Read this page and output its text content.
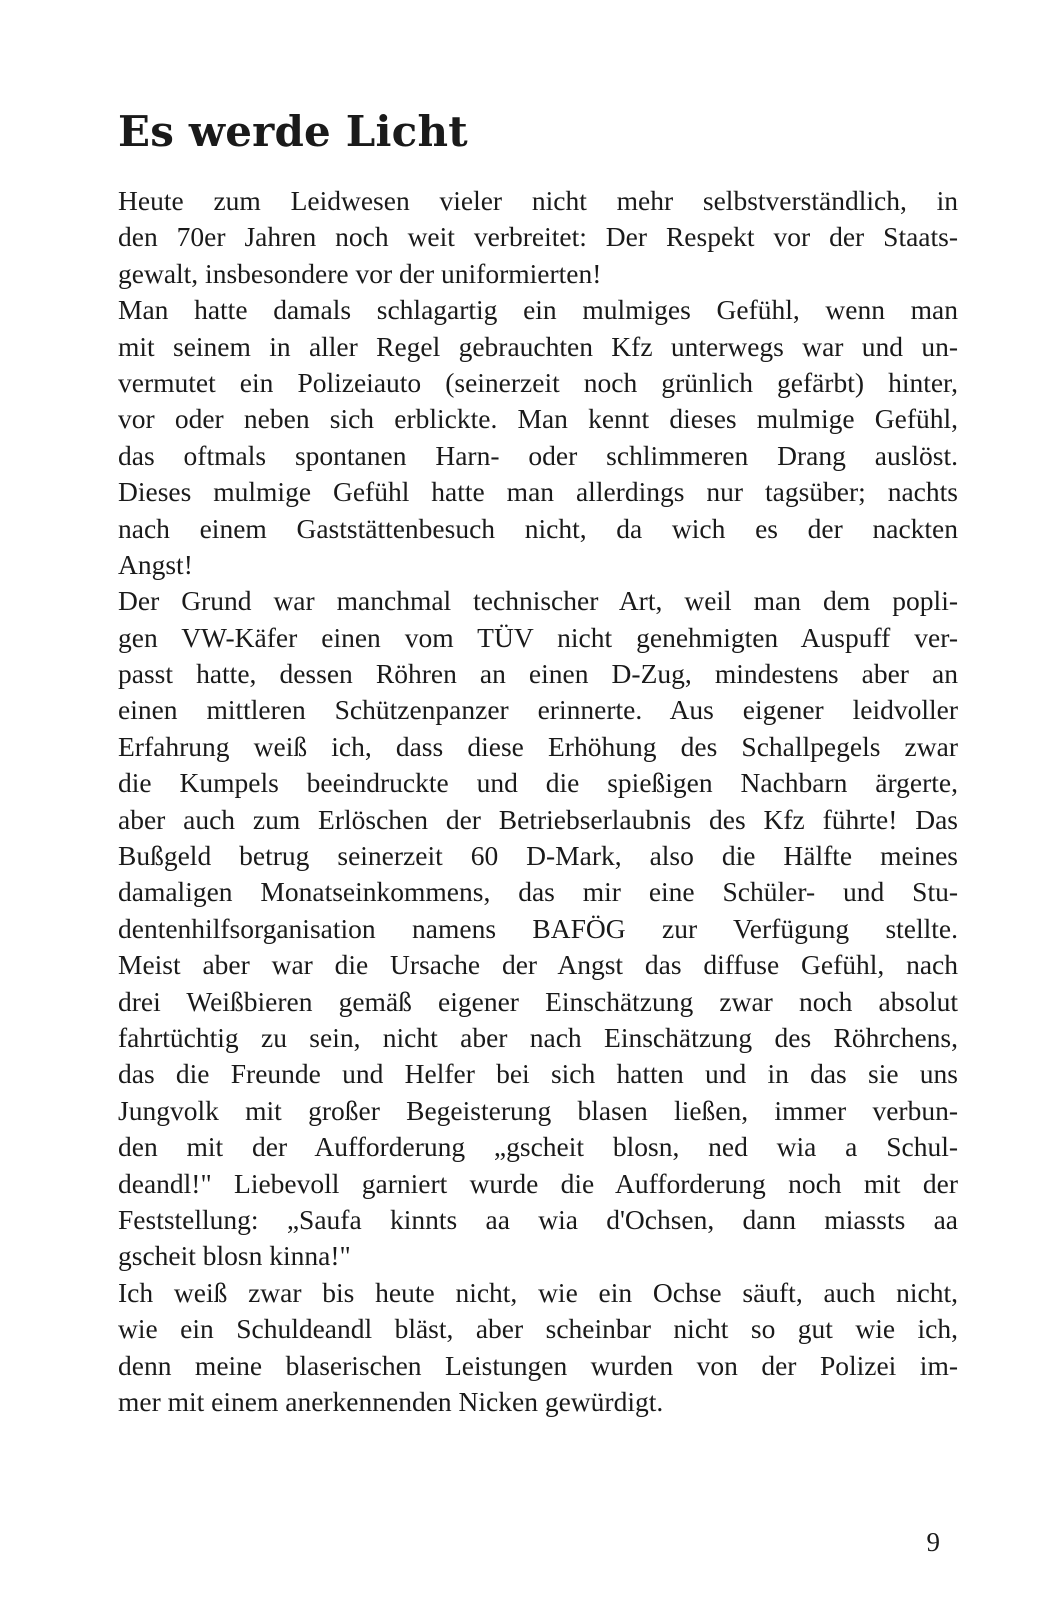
Es werde Licht
Heute zum Leidwesen vieler nicht mehr selbstverständlich, in
den 70er Jahren noch weit verbreitet: Der Respekt vor der Staats-
gewalt, insbesondere vor der uniformierten!
Man hatte damals schlagartig ein mulmiges Gefühl, wenn man
mit seinem in aller Regel gebrauchten Kfz unterwegs war und un-
vermutet ein Polizeiauto (seinerzeit noch grünlich gefärbt) hinter,
vor oder neben sich erblickte. Man kennt dieses mulmige Gefühl,
das oftmals spontanen Harn- oder schlimmeren Drang auslöst.
Dieses mulmige Gefühl hatte man allerdings nur tagsüber; nachts
nach einem Gaststättenbesuch nicht, da wich es der nackten
Angst!
Der Grund war manchmal technischer Art, weil man dem popli-
gen VW-Käfer einen vom TÜV nicht genehmigten Auspuff ver-
passt hatte, dessen Röhren an einen D-Zug, mindestens aber an
einen mittleren Schützenpanzer erinnerte. Aus eigener leidvoller
Erfahrung weiß ich, dass diese Erhöhung des Schallpegels zwar
die Kumpels beeindruckte und die spießigen Nachbarn ärgerte,
aber auch zum Erlöschen der Betriebserlaubnis des Kfz führte! Das
Bußgeld betrug seinerzeit 60 D-Mark, also die Hälfte meines
damaligen Monatseinkommens, das mir eine Schüler- und Stu-
dentenhilfsorganisation namens BAFÖG zur Verfügung stellte.
Meist aber war die Ursache der Angst das diffuse Gefühl, nach
drei Weißbieren gemäß eigener Einschätzung zwar noch absolut
fahrtüchtig zu sein, nicht aber nach Einschätzung des Röhrchens,
das die Freunde und Helfer bei sich hatten und in das sie uns
Jungvolk mit großer Begeisterung blasen ließen, immer verbun-
den mit der Aufforderung „gscheit blosn, ned wia a Schul-
deandl!" Liebevoll garniert wurde die Aufforderung noch mit der
Feststellung: „Saufa kinnts aa wia d'Ochsen, dann miassts aa
gscheit blosn kinna!"
Ich weiß zwar bis heute nicht, wie ein Ochse säuft, auch nicht,
wie ein Schuldeandl bläst, aber scheinbar nicht so gut wie ich,
denn meine blaserischen Leistungen wurden von der Polizei im-
mer mit einem anerkennenden Nicken gewürdigt.
9
